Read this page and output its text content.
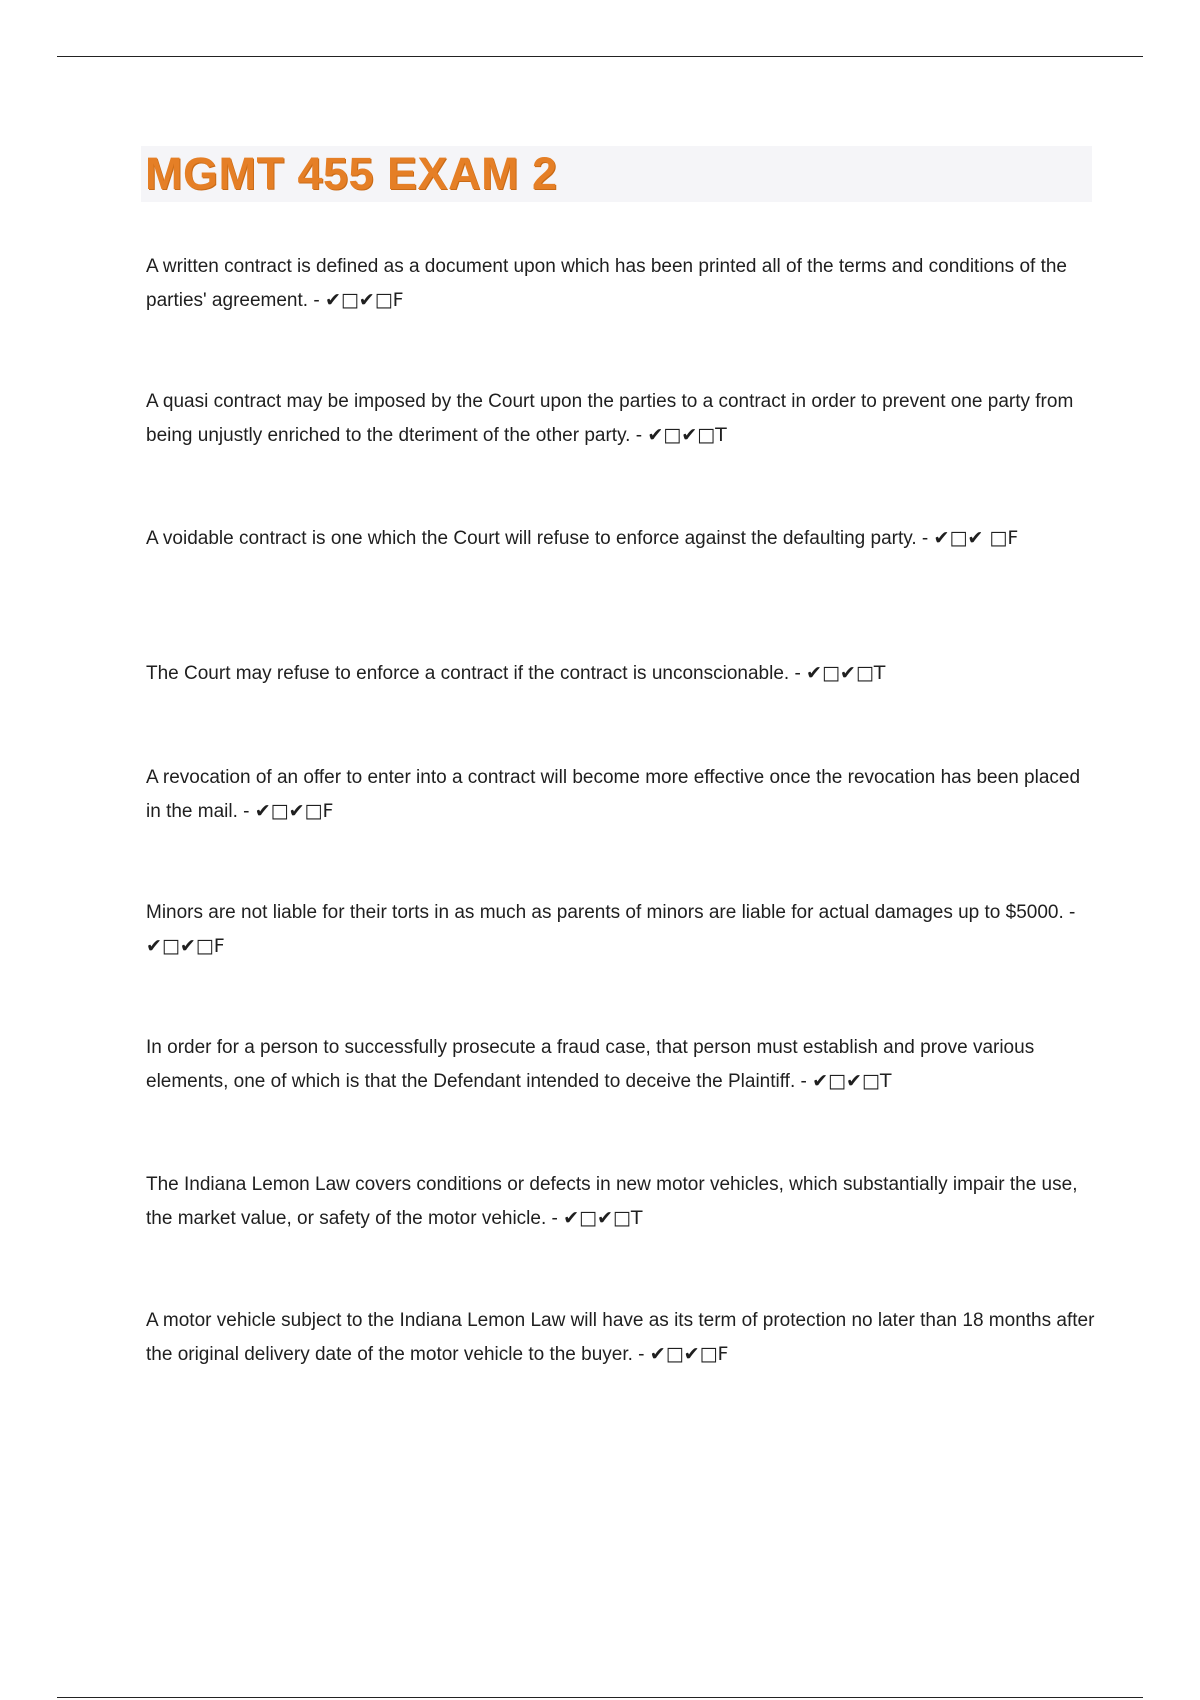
MGMT 455 EXAM 2

A written contract is defined as a document upon which has been printed all of the terms and conditions of the parties' agreement. - ✔□✔□F

A quasi contract may be imposed by the Court upon the parties to a contract in order to prevent one party from being unjustly enriched to the dteriment of the other party. - ✔□✔□T

A voidable contract is one which the Court will refuse to enforce against the defaulting party. - ✔□✔ □F

The Court may refuse to enforce a contract if the contract is unconscionable. - ✔□✔□T

A revocation of an offer to enter into a contract will become more effective once the revocation has been placed in the mail. - ✔□✔□F

Minors are not liable for their torts in as much as parents of minors are liable for actual damages up to $5000. - ✔□✔□F

In order for a person to successfully prosecute a fraud case, that person must establish and prove various elements, one of which is that the Defendant intended to deceive the Plaintiff. - ✔□✔□T

The Indiana Lemon Law covers conditions or defects in new motor vehicles, which substantially impair the use, the market value, or safety of the motor vehicle. - ✔□✔□T

A motor vehicle subject to the Indiana Lemon Law will have as its term of protection no later than 18 months after the original delivery date of the motor vehicle to the buyer. - ✔□✔□F
